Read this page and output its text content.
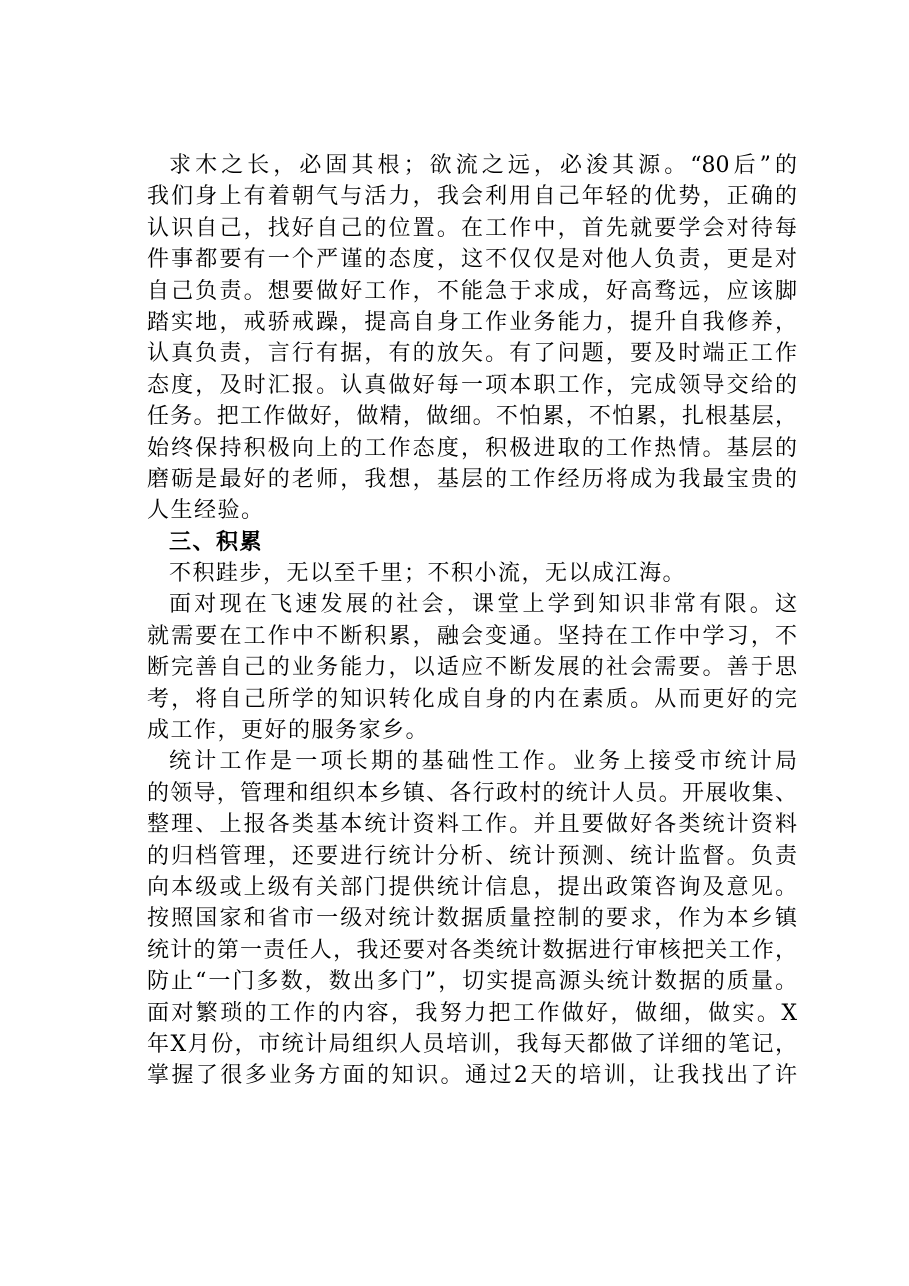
求木之长，必固其根；欲流之远，必浚其源。“80后”的
我们身上有着朝气与活力，我会利用自己年轻的优势，正确的
认识自己，找好自己的位置。在工作中，首先就要学会对待每
件事都要有一个严谨的态度，这不仅仅是对他人负责，更是对
自己负责。想要做好工作，不能急于求成，好高骛远，应该脚
踏实地，戒骄戒躁，提高自身工作业务能力，提升自我修养，
认真负责，言行有据，有的放矢。有了问题，要及时端正工作
态度，及时汇报。认真做好每一项本职工作，完成领导交给的
任务。把工作做好，做精，做细。不怕累，不怕累，扎根基层，
始终保持积极向上的工作态度，积极进取的工作热情。基层的
磨砺是最好的老师，我想，基层的工作经历将成为我最宝贵的
人生经验。
三、积累
不积跬步，无以至千里；不积小流，无以成江海。
面对现在飞速发展的社会，课堂上学到知识非常有限。这
就需要在工作中不断积累，融会变通。坚持在工作中学习，不
断完善自己的业务能力，以适应不断发展的社会需要。善于思
考，将自己所学的知识转化成自身的内在素质。从而更好的完
成工作，更好的服务家乡。
统计工作是一项长期的基础性工作。业务上接受市统计局
的领导，管理和组织本乡镇、各行政村的统计人员。开展收集、
整理、上报各类基本统计资料工作。并且要做好各类统计资料
的归档管理，还要进行统计分析、统计预测、统计监督。负责
向本级或上级有关部门提供统计信息，提出政策咨询及意见。
按照国家和省市一级对统计数据质量控制的要求，作为本乡镇
统计的第一责任人，我还要对各类统计数据进行审核把关工作，
防止“一门多数，数出多门”，切实提高源头统计数据的质量。
面对繁琐的工作的内容，我努力把工作做好，做细，做实。X
年X月份，市统计局组织人员培训，我每天都做了详细的笔记，
掌握了很多业务方面的知识。通过2天的培训，让我找出了许
